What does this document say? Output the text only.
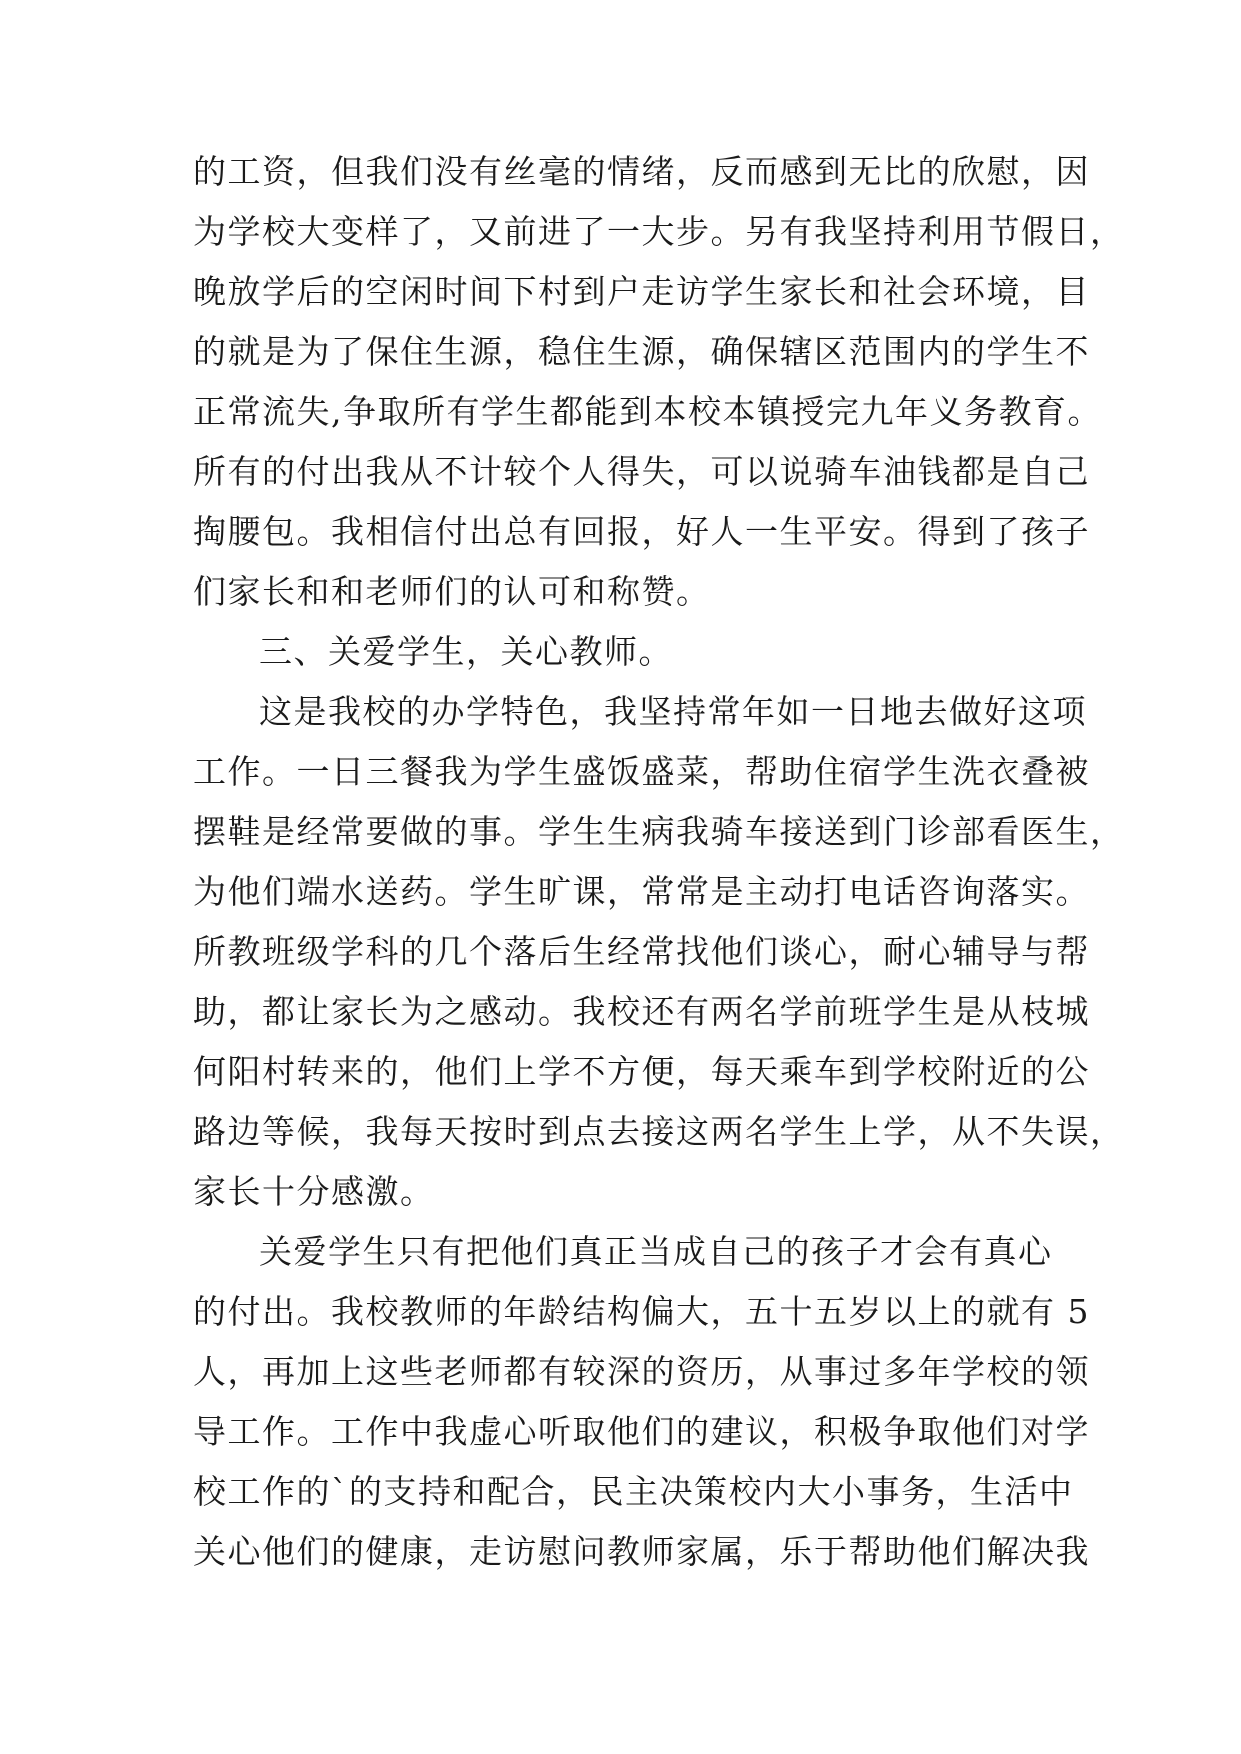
的工资，但我们没有丝毫的情绪，反而感到无比的欣慰，因
为学校大变样了，又前进了一大步。另有我坚持利用节假日，
晚放学后的空闲时间下村到户走访学生家长和社会环境，目
的就是为了保住生源，稳住生源，确保辖区范围内的学生不
正常流失,争取所有学生都能到本校本镇授完九年义务教育。
所有的付出我从不计较个人得失，可以说骑车油钱都是自己
掏腰包。我相信付出总有回报，好人一生平安。得到了孩子
们家长和和老师们的认可和称赞。
三、关爱学生，关心教师。
这是我校的办学特色，我坚持常年如一日地去做好这项
工作。一日三餐我为学生盛饭盛菜，帮助住宿学生洗衣叠被
摆鞋是经常要做的事。学生生病我骑车接送到门诊部看医生，
为他们端水送药。学生旷课，常常是主动打电话咨询落实。
所教班级学科的几个落后生经常找他们谈心，耐心辅导与帮
助，都让家长为之感动。我校还有两名学前班学生是从枝城
何阳村转来的，他们上学不方便，每天乘车到学校附近的公
路边等候，我每天按时到点去接这两名学生上学，从不失误，
家长十分感激。
关爱学生只有把他们真正当成自己的孩子才会有真心
的付出。我校教师的年龄结构偏大，五十五岁以上的就有 5
人，再加上这些老师都有较深的资历，从事过多年学校的领
导工作。工作中我虚心听取他们的建议，积极争取他们对学
校工作的`的支持和配合，民主决策校内大小事务，生活中
关心他们的健康，走访慰问教师家属，乐于帮助他们解决我
